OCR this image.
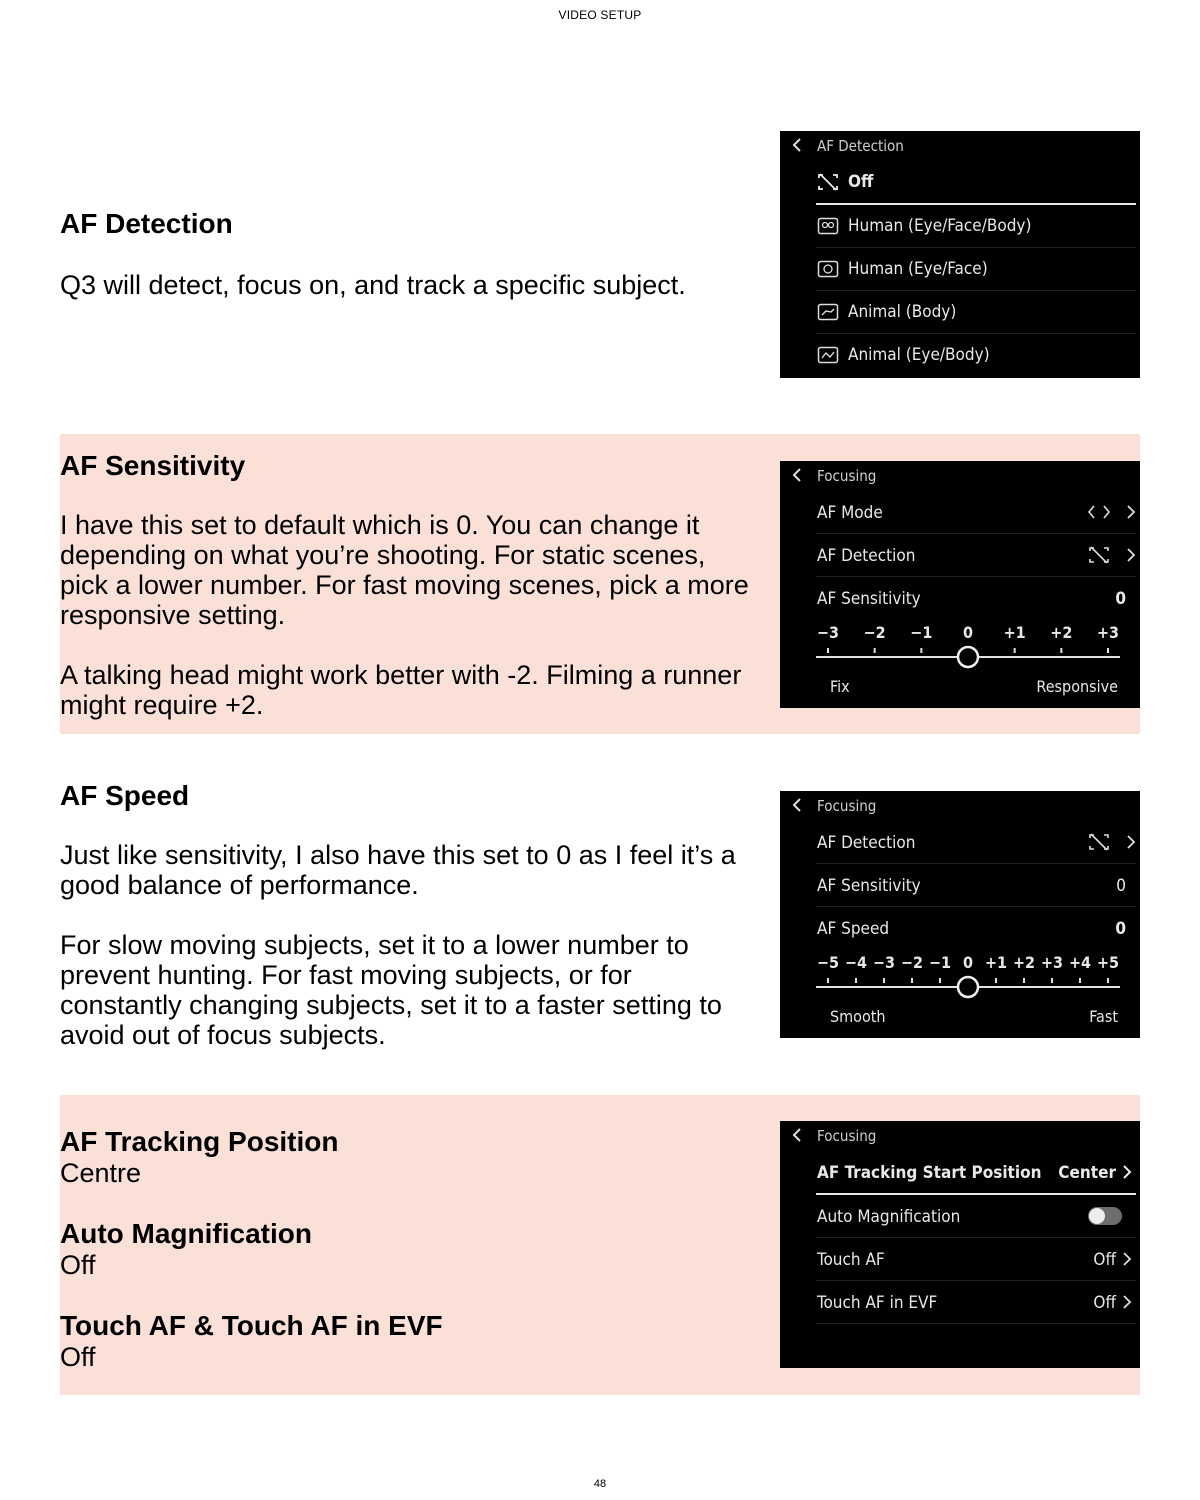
VIDEO SETUP
AF Detection
Q3 will detect, focus on, and track a specific subject.
AF Detection
Off
Human (Eye/Face/Body)
Human (Eye/Face)
Animal (Body)
Animal (Eye/Body)
AF Sensitivity
I have this set to default which is 0. You can change it depending on what you’re shooting. For static scenes, pick a lower number. For fast moving scenes, pick a more responsive setting.
A talking head might work better with -2. Filming a runner might require +2.
Focusing
AF Mode
AF Detection
AF Sensitivity	0
−3 −2 −1 0 +1 +2 +3
Fix	Responsive
AF Speed
Just like sensitivity, I also have this set to 0 as I feel it’s a good balance of performance.
For slow moving subjects, set it to a lower number to prevent hunting. For fast moving subjects, or for constantly changing subjects, set it to a faster setting to avoid out of focus subjects.
Focusing
AF Detection
AF Sensitivity	0
AF Speed	0
−5 −4 −3 −2 −1 0 +1 +2 +3 +4 +5
Smooth	Fast
AF Tracking Position
Centre
Auto Magnification
Off
Touch AF & Touch AF in EVF
Off
Focusing
AF Tracking Start Position Center
Auto Magnification
Touch AF	Off
Touch AF in EVF	Off
48
